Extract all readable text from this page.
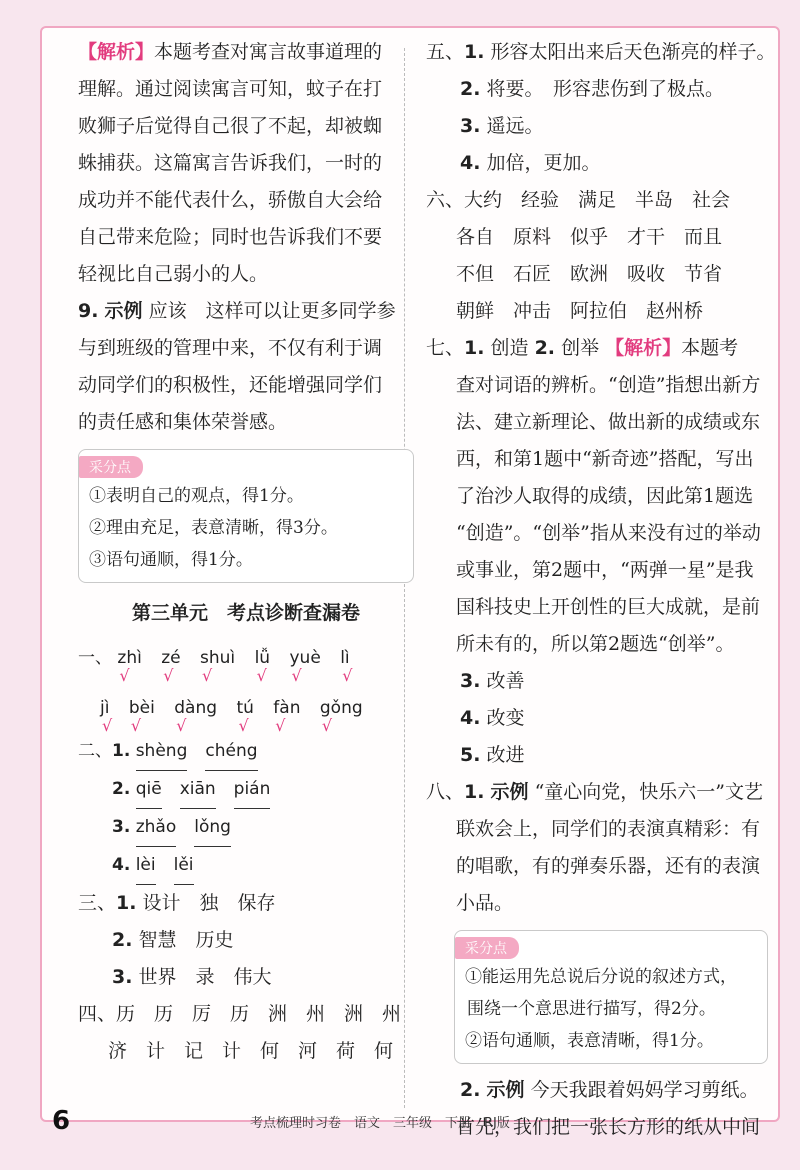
【解析】本题考查对寓言故事道理的

理解。通过阅读寓言可知，蚊子在打

败狮子后觉得自己很了不起，却被蜘

蛛捕获。这篇寓言告诉我们，一时的

成功并不能代表什么，骄傲自大会给

自己带来危险；同时也告诉我们不要

轻视比自己弱小的人。

9. 示例 应该　这样可以让更多同学参

与到班级的管理中来，不仅有利于调

动同学们的积极性，还能增强同学们

的责任感和集体荣誉感。

采分点

①表明自己的观点，得1分。

②理由充足，表意清晰，得3分。

③语句通顺，得1分。

第三单元　考点诊断查漏卷
一、 zhì
√
zé
√
shuì
√
lǚ
√
yuè
√
lì
√
jì
√
bèi
√
dàng
√
tú
√
fàn
√
gǒng
√

二、1. shèng chéng

2. qiē xiān pián

3. zhǎo lǒng

4. lèi lěi

三、1. 设计　独　保存

2. 智慧　历史

3. 世界　录　伟大

四、历　历　厉　历　洲　州　洲　州

济　计　记　计　何　河　荷　何

五、1. 形容太阳出来后天色渐亮的样子。

2. 将要。　形容悲伤到了极点。

3. 遥远。

4. 加倍，更加。

六、大约　经验　满足　半岛　社会

各自　原料　似乎　才干　而且

不但　石匠　欧洲　吸收　节省

朝鲜　冲击　阿拉伯　赵州桥

七、1. 创造 2. 创举 【解析】本题考

查对词语的辨析。“创造”指想出新方

法、建立新理论、做出新的成绩或东

西，和第1题中“新奇迹”搭配，写出

了治沙人取得的成绩，因此第1题选

“创造”。“创举”指从来没有过的举动

或事业，第2题中，“两弹一星”是我

国科技史上开创性的巨大成就，是前

所未有的，所以第2题选“创举”。

3. 改善

4. 改变

5. 改进

八、1. 示例 “童心向党，快乐六一”文艺

联欢会上，同学们的表演真精彩：有

的唱歌，有的弹奏乐器，还有的表演

小品。

采分点

①能运用先总说后分说的叙述方式，

围绕一个意思进行描写，得2分。

②语句通顺，表意清晰，得1分。

2. 示例 今天我跟着妈妈学习剪纸。

首先，我们把一张长方形的纸从中间

6	考点梳理时习卷　语文　三年级　下册　RJ版
